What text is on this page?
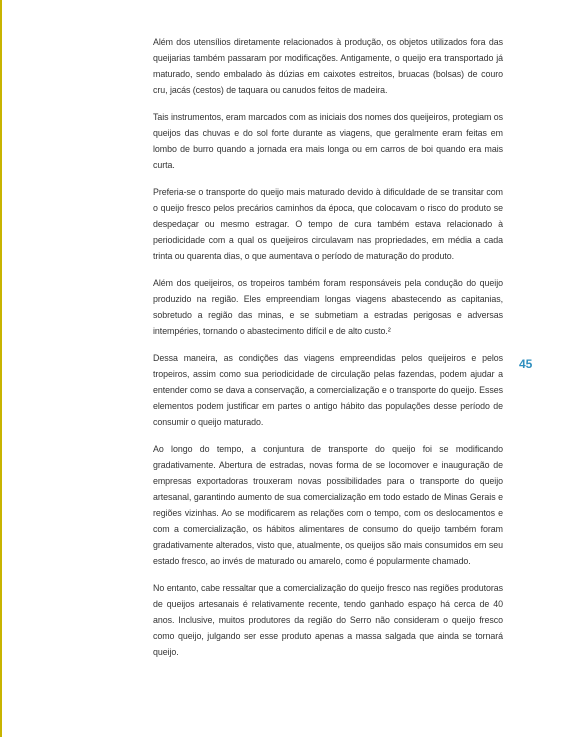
Além dos utensílios diretamente relacionados à produção, os objetos utilizados fora das queijarias também passaram por modificações. Antigamente, o queijo era transportado já maturado, sendo embalado às dúzias em caixotes estreitos, bruacas (bolsas) de couro cru, jacás (cestos) de taquara ou canudos feitos de madeira.

Tais instrumentos, eram marcados com as iniciais dos nomes dos queijeiros, protegiam os queijos das chuvas e do sol forte durante as viagens, que geralmente eram feitas em lombo de burro quando a jornada era mais longa ou em carros de boi quando era mais curta.

Preferia-se o transporte do queijo mais maturado devido à dificuldade de se transitar com o queijo fresco pelos precários caminhos da época, que colocavam o risco do produto se despedaçar ou mesmo estragar. O tempo de cura também estava relacionado à periodicidade com a qual os queijeiros circulavam nas propriedades, em média a cada trinta ou quarenta dias, o que aumentava o período de maturação do produto.

Além dos queijeiros, os tropeiros também foram responsáveis pela condução do queijo produzido na região. Eles empreendiam longas viagens abastecendo as capitanias, sobretudo a região das minas, e se submetiam a estradas perigosas e adversas intempéries, tornando o abastecimento difícil e de alto custo.²

Dessa maneira, as condições das viagens empreendidas pelos queijeiros e pelos tropeiros, assim como sua periodicidade de circulação pelas fazendas, podem ajudar a entender como se dava a conservação, a comercialização e o transporte do queijo. Esses elementos podem justificar em partes o antigo hábito das populações desse período de consumir o queijo maturado.

Ao longo do tempo, a conjuntura de transporte do queijo foi se modificando gradativamente. Abertura de estradas, novas forma de se locomover e inauguração de empresas exportadoras trouxeram novas possibilidades para o transporte do queijo artesanal, garantindo aumento de sua comercialização em todo estado de Minas Gerais e regiões vizinhas. Ao se modificarem as relações com o tempo, com os deslocamentos e com a comercialização, os hábitos alimentares de consumo do queijo também foram gradativamente alterados, visto que, atualmente, os queijos são mais consumidos em seu estado fresco, ao invés de maturado ou amarelo, como é popularmente chamado.

No entanto, cabe ressaltar que a comercialização do queijo fresco nas regiões produtoras de queijos artesanais é relativamente recente, tendo ganhado espaço há cerca de 40 anos. Inclusive, muitos produtores da região do Serro não consideram o queijo fresco como queijo, julgando ser esse produto apenas a massa salgada que ainda se tornará queijo.

45
